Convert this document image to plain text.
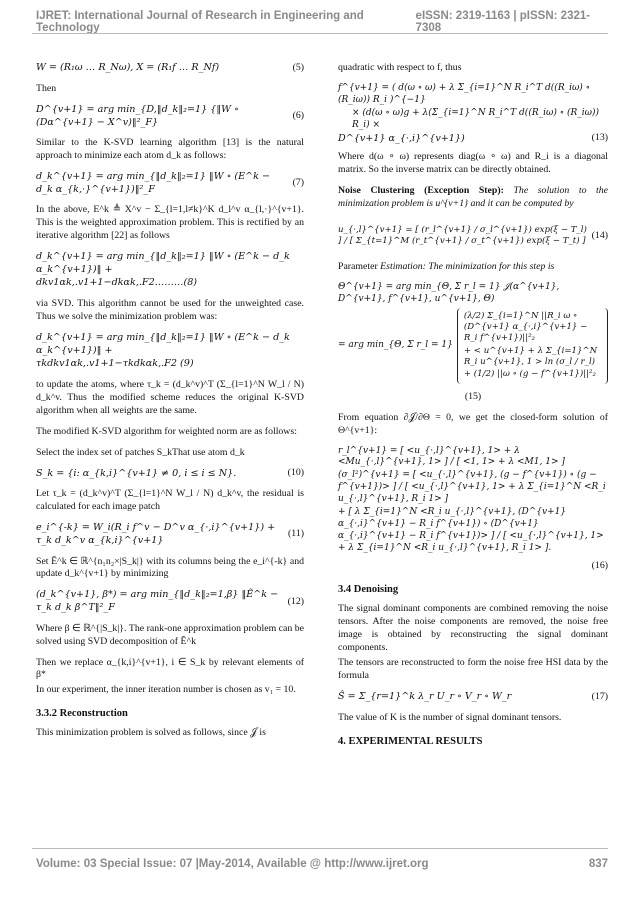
IJRET: International Journal of Research in Engineering and Technology
eISSN: 2319-1163 | pISSN: 2321-7308
W = (R₁ω … R_Nω), X = (R₁f … R_Nf)	(5)

Then

D^{v+1} = arg min_{D,‖d_k‖₂=1} {‖W ∘ (Dα^{v+1} − X^v)‖²_F}
(6)

Similar to the K-SVD learning algorithm [13] is the natural approach to minimize each atom d_k as follows:

d_k^{v+1} = arg min_{‖d_k‖₂=1} ‖W ∘ (E^k − d_k α_{k,·}^{v+1})‖²_F
(7)

In the above, E^k ≜ X^v − Σ_{l=1,l≠k}^K d_l^v α_{l,·}^{v+1}. This is the weighted approximation problem. This is rectified by an iterative algorithm [22] as follows

d_k^{v+1} = arg min_{‖d_k‖₂=1} ‖W ∘ (E^k − d_k α_k^{v+1})‖ +
dkv1αk,.v1+1−dkαk,.F2………(8)

via SVD. This algorithm cannot be used for the unweighted case. Thus we solve the minimization problem was:

d_k^{v+1} = arg min_{‖d_k‖₂=1} ‖W ∘ (E^k − d_k α_k^{v+1})‖ +
τkdkv1αk,.v1+1−τkdkαk,.F2 (9)

to update the atoms, where τ_k = (d_k^v)^T (Σ_{l=1}^N W_l / N) d_k^v. Thus the modified scheme reduces the original K-SVD algorithm when all weights are the same.

The modified K-SVD algorithm for weighted norm are as follows:

Select the index set of patches S_kThat use atom d_k

S_k = {i: α_{k,i}^{v+1} ≠ 0, i ≤ i ≤ N}.	(10)

Let τ_k = (d_k^v)^T (Σ_{l=1}^N W_l / N) d_k^v, the residual is calculated for each image patch

e_i^{-k} = W_i(R_i f^v − D^v α_{·,i}^{v+1}) + τ_k d_k^v α_{k,i}^{v+1}
(11)

Set Ẽ^k ∈ ℝ^{n₁n₂×|S_k|} with its columns being the e_i^{-k} and update d_k^{v+1} by minimizing

(d_k^{v+1}, β*) = arg min_{‖d_k‖₂=1,β} ‖Ẽ^k − τ_k d_k β^T‖²_F
(12)

Where β ∈ ℝ^{|S_k|}. The rank-one approximation problem can be solved using SVD decomposition of Ẽ^k

Then we replace α_{k,i}^{v+1}, i ∈ S_k by relevant elements of β*

In our experiment, the inner iteration number is chosen as v₁ = 10.

3.3.2 Reconstruction

This minimization problem is solved as follows, since 𝒥 is

quadratic with respect to f, thus

f^{v+1} = ( d(ω ∘ ω) + λ Σ_{i=1}^N R_i^T d((R_iω) ∘ (R_iω)) R_i )^{−1}
× (d(ω ∘ ω)g + λ(Σ_{i=1}^N R_i^T d((R_iω) ∘ (R_iω)) R_i) ×
D^{v+1} α_{·,i}^{v+1})	(13)

Where d(ω ∘ ω) represents diag(ω ∘ ω) and R_i is a diagonal matrix. So the inverse matrix can be directly obtained.

Noise Clustering (Exception Step): The solution to the minimization problem is u^{v+1} and it can be computed by

u_{·,l}^{v+1} = [ (r_l^{v+1} / σ_l^{v+1}) exp(ξ − T_l) ] / [ Σ_{t=1}^M (r_t^{v+1} / σ_t^{v+1}) exp(ξ − T_t) ]
(14)

Parameter Estimation: The minimization for this step is

Θ^{v+1} = arg min_{Θ, Σ r_l = 1} 𝒥(α^{v+1}, D^{v+1}, f^{v+1}, u^{v+1}, Θ)
= arg min_{Θ, Σ r_l = 1}
(λ/2) Σ_{i=1}^N ||R_i ω ∘ (D^{v+1} α_{·,i}^{v+1} − R_i f^{v+1})||²₂
+ < u^{v+1} + λ Σ_{i=1}^N R_i u^{v+1}, 1 > ln (σ_l / r_l)
+ (1/2) ||ω ∘ (g − f^{v+1})||²₂
(15)

From equation ∂𝒥/∂Θ = 0, we get the closed-form solution of Θ^{v+1}:

r_l^{v+1} = [ <u_{·,l}^{v+1}, 1> + λ <Mu_{·,l}^{v+1}, 1> ] / [ <1, 1> + λ <M1, 1> ]
(σ_l²)^{v+1} = [ <u_{·,l}^{v+1}, (g − f^{v+1}) ∘ (g − f^{v+1})> ] / [ <u_{·,l}^{v+1}, 1> + λ Σ_{i=1}^N <R_i u_{·,l}^{v+1}, R_i 1> ]
+ [ λ Σ_{i=1}^N <R_i u_{·,l}^{v+1}, (D^{v+1} α_{·,i}^{v+1} − R_i f^{v+1}) ∘ (D^{v+1} α_{·,i}^{v+1} − R_i f^{v+1})> ] / [ <u_{·,l}^{v+1}, 1> + λ Σ_{i=1}^N <R_i u_{·,l}^{v+1}, R_i 1> ].
(16)
3.4 Denoising

The signal dominant components are combined removing the noise tensors. After the noise components are removed, the noise free image is obtained by reconstructing the signal dominant components.

The tensors are reconstructed to form the noise free HSI data by the formula

Ŝ = Σ_{r=1}^k λ_r U_r ∘ V_r ∘ W_r	(17)

The value of K is the number of signal dominant tensors.

4. EXPERIMENTAL RESULTS
Volume: 03 Special Issue: 07 |May-2014, Available @ http://www.ijret.org	837
